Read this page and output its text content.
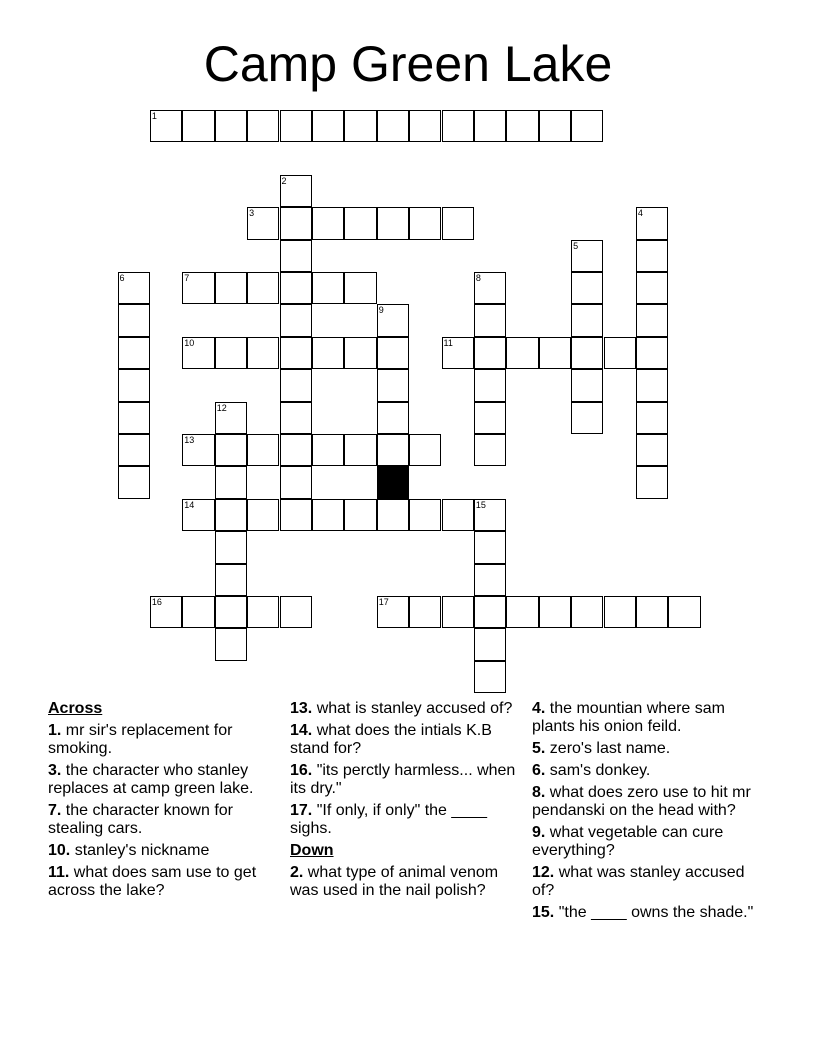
Camp Green Lake
1
2
3	4
5
6	7	8
9
10	11
12
13
14	15
16	17
Across
1. mr sir's replacement for smoking.
3. the character who stanley replaces at camp green lake.
7. the character known for stealing cars.
10. stanley's nickname
11. what does sam use to get across the lake?
13. what is stanley accused of?
14. what does the intials K.B stand for?
16. "its perctly harmless... when its dry."
17. "If only, if only" the ____ sighs.
Down
2. what type of animal venom was used in the nail polish?
4. the mountian where sam plants his onion feild.
5. zero's last name.
6. sam's donkey.
8. what does zero use to hit mr pendanski on the head with?
9. what vegetable can cure everything?
12. what was stanley accused of?
15. "the ____ owns the shade."
